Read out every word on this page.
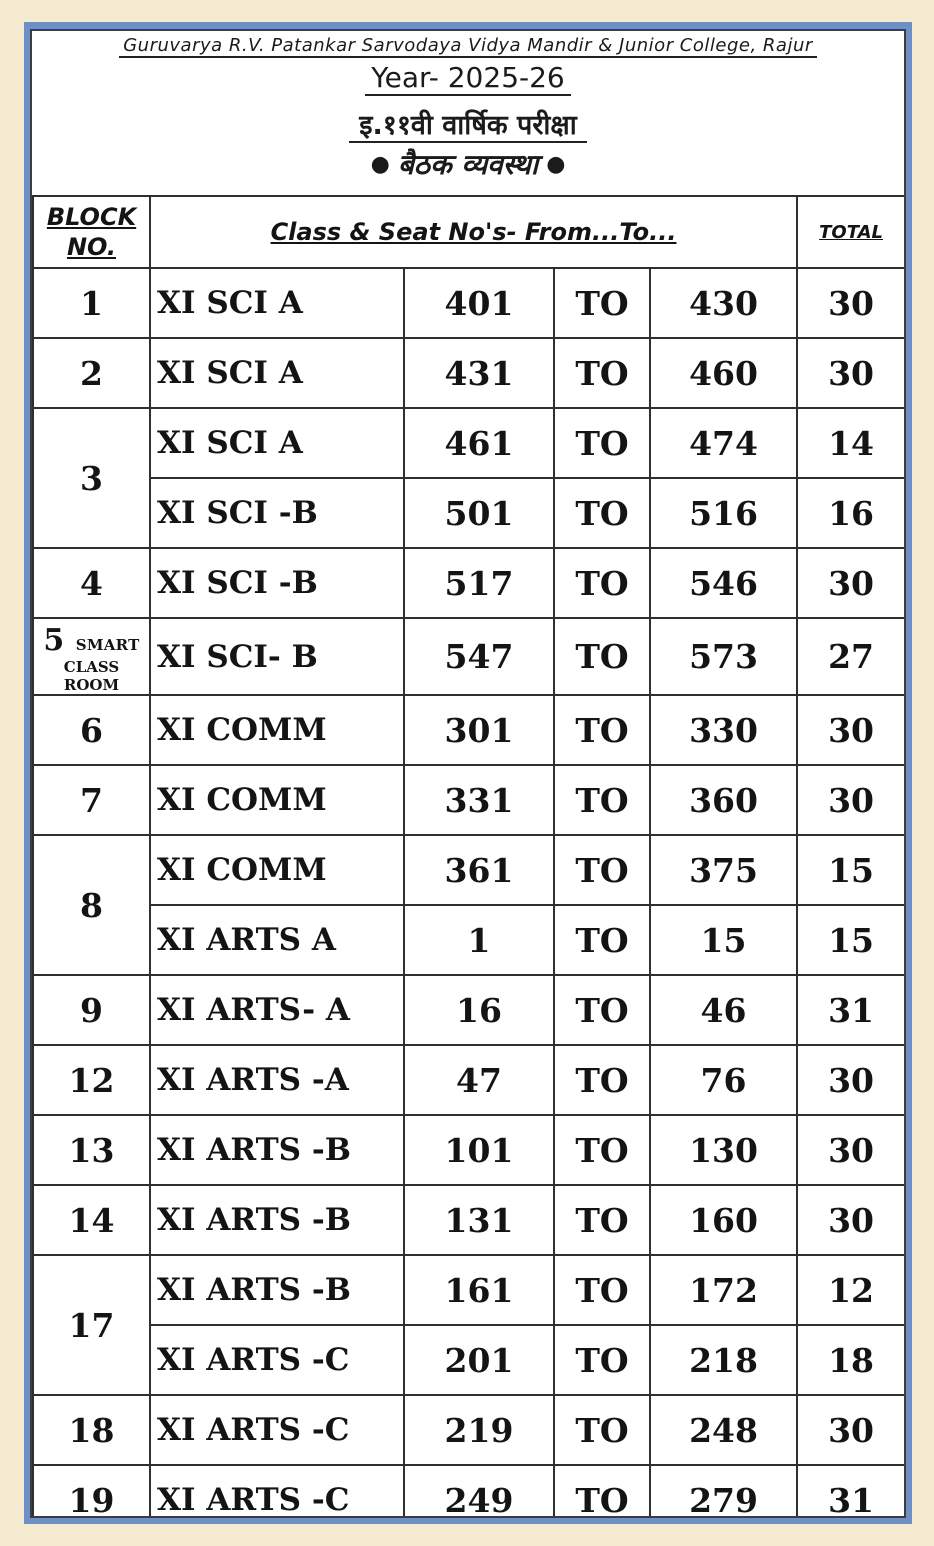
Guruvarya R.V. Patankar Sarvodaya Vidya Mandir & Junior College, Rajur
Year- 2025-26
इ.११वी वार्षिक परीक्षा
● बैठक व्यवस्था ●
BLOCK
NO.	Class & Seat No's- From...To...				TOTAL
1	XI SCI A	401	TO	430	30
2	XI SCI A	431	TO	460	30
3	XI SCI A	461	TO	474	14
	XI SCI -B	501	TO	516	16
4	XI SCI -B	517	TO	546	30
5 SMART
CLASS ROOM	XI SCI- B	547	TO	573	27
6	XI COMM	301	TO	330	30
7	XI COMM	331	TO	360	30
8	XI COMM	361	TO	375	15
	XI ARTS A	1	TO	15	15
9	XI ARTS- A	16	TO	46	31
12	XI ARTS -A	47	TO	76	30
13	XI ARTS -B	101	TO	130	30
14	XI ARTS -B	131	TO	160	30
17	XI ARTS -B	161	TO	172	12
	XI ARTS -C	201	TO	218	18
18	XI ARTS -C	219	TO	248	30
19	XI ARTS -C	249	TO	279	31
